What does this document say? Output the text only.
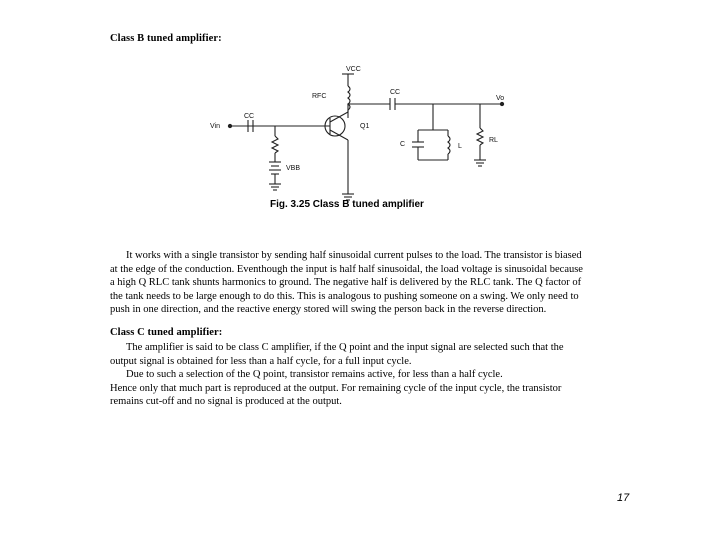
Class B tuned amplifier:
VCC
RFC
CC
Vo
Vin
CC
Q1
VBB
C	L
RL
Fig. 3.25 Class B tuned amplifier
It works with a single transistor by sending half sinusoidal current pulses to the load. The transistor is biased
at the edge of the conduction. Eventhough the input is half half sinusoidal, the load voltage is sinusoidal because
a high Q RLC tank shunts harmonics to ground. The negative half is delivered by the RLC tank. The Q factor of
the tank needs to be large enough to do this. This is analogous to pushing someone on a swing. We only need to
push in one direction, and the reactive energy stored will swing the person back in the reverse direction.
Class C tuned amplifier:
The amplifier is said to be class C amplifier, if the Q point and the input signal are selected such that the
output signal is obtained for less than a half cycle, for a full input cycle.
Due to such a selection of the Q point, transistor remains active, for less than a half cycle.
Hence only that much part is reproduced at the output. For remaining cycle of the input cycle, the transistor
remains cut-off and no signal is produced at the output.
17
